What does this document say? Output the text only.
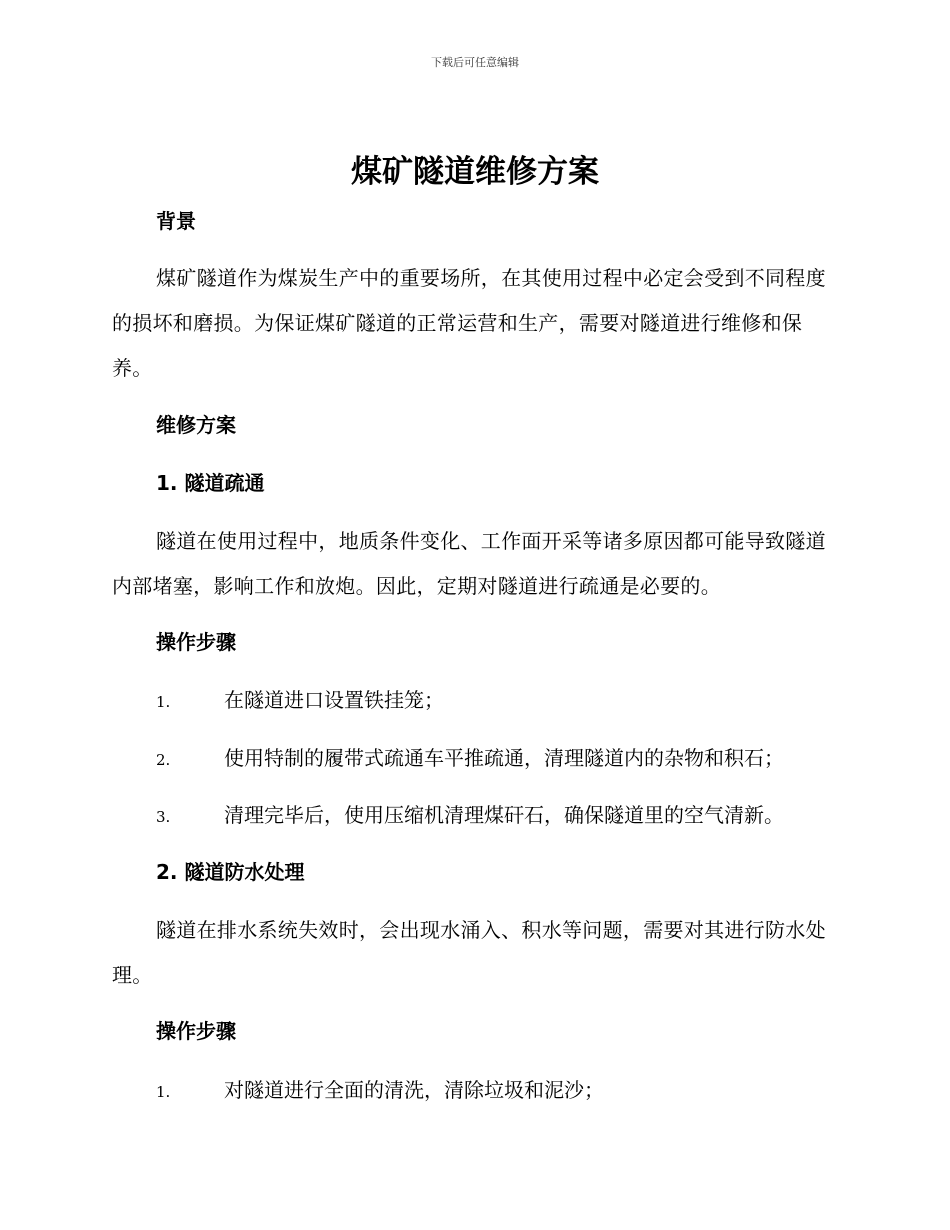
下载后可任意编辑
煤矿隧道维修方案
背景

煤矿隧道作为煤炭生产中的重要场所，在其使用过程中必定会受到不同程度的损坏和磨损。为保证煤矿隧道的正常运营和生产，需要对隧道进行维修和保养。

维修方案
1. 隧道疏通

隧道在使用过程中，地质条件变化、工作面开采等诸多原因都可能导致隧道内部堵塞，影响工作和放炮。因此，定期对隧道进行疏通是必要的。

操作步骤
1.	在隧道进口设置铁挂笼；
2.	使用特制的履带式疏通车平推疏通，清理隧道内的杂物和积石；
3.	清理完毕后，使用压缩机清理煤矸石，确保隧道里的空气清新。
2. 隧道防水处理

隧道在排水系统失效时，会出现水涌入、积水等问题，需要对其进行防水处理。

操作步骤
1.	对隧道进行全面的清洗，清除垃圾和泥沙；
